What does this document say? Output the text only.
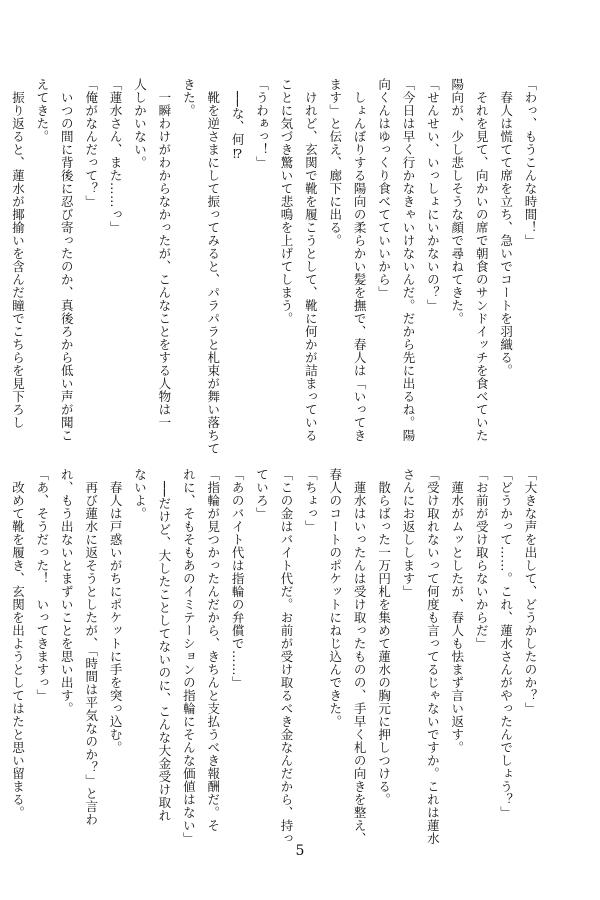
「わっ、もうこんな時間！」
　春人は慌てて席を立ち、急いでコートを羽織る。
　それを見て、向かいの席で朝食のサンドイッチを食べていた
陽向が、少し悲しそうな顔で尋ねてきた。
「せんせい、いっしょにいかないの？」
「今日は早く行かなきゃいけないんだ。だから先に出るね。陽
向くんはゆっくり食べてていいから」
　しょんぼりする陽向の柔らかい髪を撫で、春人は「いってき
ます」と伝え、廊下に出る。
　けれど、玄関で靴を履こうとして、靴に何かが詰まっている
ことに気づき驚いて悲鳴を上げてしまう。
「うわぁっ！」
　──な、何⁉
　靴を逆さまにして振ってみると、パラパラと札束が舞い落ちて
きた。
　一瞬わけがわからなかったが、こんなことをする人物は一
人しかいない。
「蓮水さん、また……っ」
「俺がなんだって？」
　いつの間に背後に忍び寄ったのか、真後ろから低い声が聞こ
えてきた。
　振り返ると、蓮水が揶揄いを含んだ瞳でこちらを見下ろし
「大きな声を出して、どうかしたのか？」
「どうかって……。これ、蓮水さんがやったんでしょう？」
「お前が受け取らないからだ」
　蓮水がムッとしたが、春人も怯まず言い返す。
「受け取れないって何度も言ってるじゃないですか。これは蓮水
さんにお返しします」
　散らばった一万円札を集めて蓮水の胸元に押しつける。
　蓮水はいったんは受け取ったものの、手早く札の向きを整え、
春人のコートのポケットにねじ込んできた。
「ちょっ」
「この金はバイト代だ。お前が受け取るべき金なんだから、持っ
ていろ」
「あのバイト代は指輪の弁償で……」
「指輪が見つかったんだから、きちんと支払うべき報酬だ。そ
れに、そもそもあのイミテーションの指輪にそんな価値はない」
　──だけど、大したことしてないのに、こんな大金受け取れ
ないよ。
　春人は戸惑いがちにポケットに手を突っ込む。
　再び蓮水に返そうとしたが、「時間は平気なのか？」と言わ
れ、もう出ないとまずいことを思い出す。
「あ、そうだった！　いってきますっ」
　改めて靴を履き、玄関を出ようとしてはたと思い留まる。
5
